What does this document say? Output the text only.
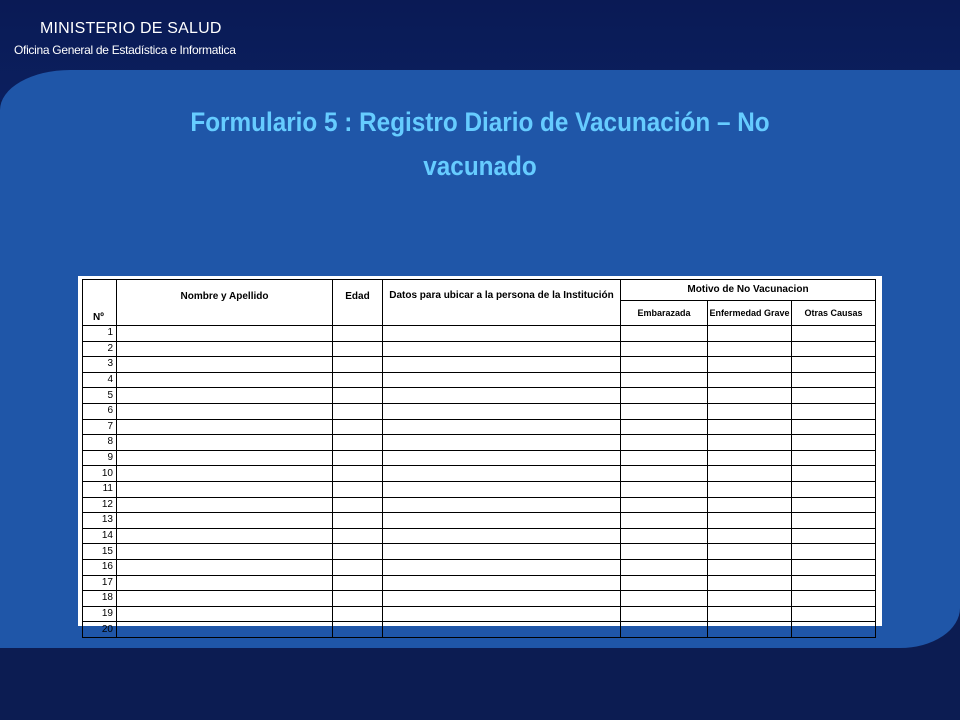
MINISTERIO DE SALUD
Oficina General de Estadística e Informatica
Formulario 5 : Registro Diario de Vacunación – No
vacunado
Nº	Nombre y Apellido	Edad	Datos para ubicar a la persona de la Institución	Motivo de No Vacunacion		
				Embarazada	Enfermedad Grave	Otras Causas
1						
2						
3						
4						
5						
6						
7						
8						
9						
10						
11						
12						
13						
14						
15						
16						
17						
18						
19						
20						
